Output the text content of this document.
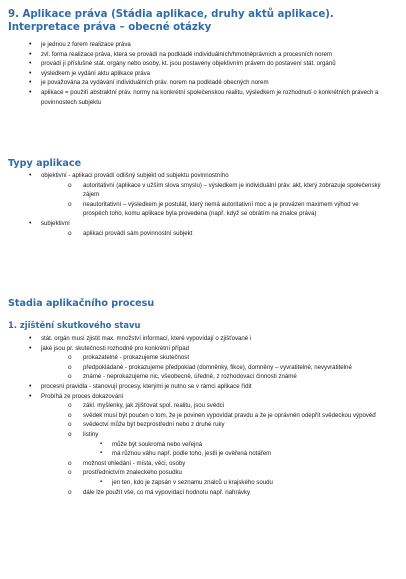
9. Aplikace práva (Stádia aplikace, druhy aktů aplikace). Interpretace práva – obecné otázky
• je jednou z forem realizace práva
• zvl. forma realizace práva, která se provádí na podkladě individuálních/hmotněprávních a procesních norem
• provádí ji příslušné stát. orgány nebo osoby, kt. jsou postaveny objektivním právem do postavení stát. orgánů
• výsledkem je vydání aktu aplikace práva
• je považována za vydávání individuálních práv. norem na podkladě obecných norem
• aplikace = použití abstraktní práv. normy na konkrétní společenskou realitu, výsledkem je rozhodnutí o konkrétních právech a povinnostech subjektu
Typy aplikace
• objektivní - aplikaci provádí odlišný subjekt od subjektu povinnostního
o autoritativní (aplikace v užším slova smyslu) – výsledkem je individuální práv. akt, který zobrazuje společenský zájem
o neautoritativní – výsledkem je postulát, který nemá autoritativní moc a je provázen maximem výhod ve prospěch toho, komu aplikace byla provedena (např. když se obrátím na znalce práva)
• subjektivní
o aplikaci provádí sám povinnostní subjekt
Stadia aplikačního procesu
1. zjištění skutkového stavu
• stát. orgán musí zjistit max. množství informací, které vypovídají o zjišťované i
• jaké jsou pr. skutečnosti rozhodné pro konkrétní případ
o prokazatelné - prokazujeme skutečnost
o předpokládané - prokazujeme předpoklad (domněnky, fikce), domněny – vyvratitelné, nevyvratitelné
o známé - neprokazujeme nic, všeobecně, úředně, z rozhodovací činnosti známé
• procesní pravidla - stanovují procesy, kterými je nutno se v rámci aplikace řídit
• Probíhá ze proces dokazování
o zákl. myšlenky, jak zjišťovat spol. realitu, jsou svědci
o svědek musí být poučen o tom, že je povinen vypovídat pravdu a že je oprávněn odepřít svědeckou výpověď
o svědectví může být bezprostřední nebo z druhé ruky
o listiny
▪ může být soukromá nebo veřejná
▪ má různou váhu např. podle toho, jestli je ověřená notářem
o možnost ohledání - místa, věci, osoby
o prostřednictvím znaleckého posudku
▪ jen ten, kdo je zapsán v seznamu znalců u krajského soudu
o dále lze použít vše, co má vypovídací hodnotu např. nahrávky
